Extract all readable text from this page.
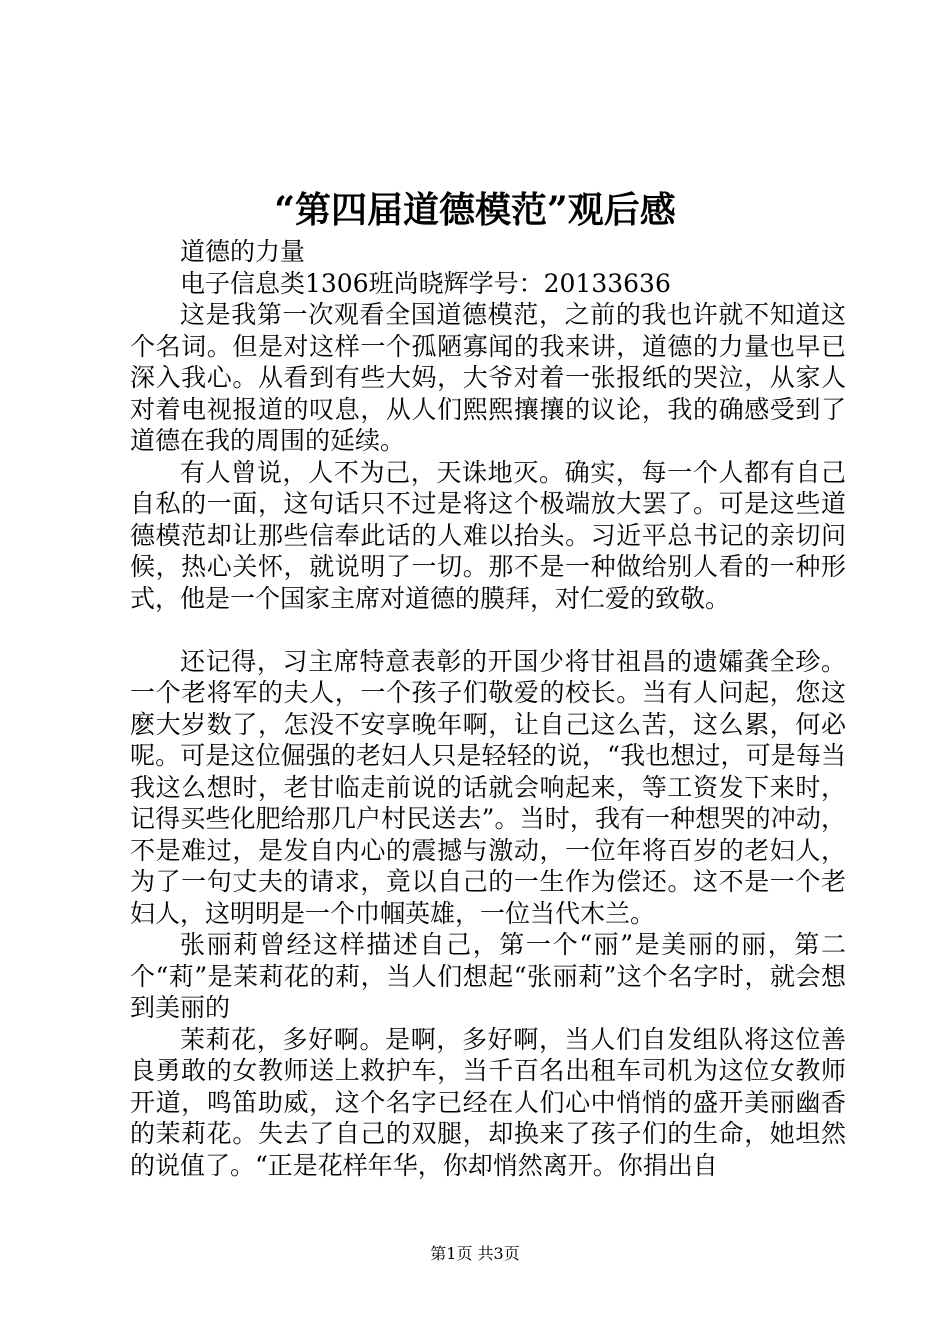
“第四届道德模范”观后感

道德的力量

电子信息类1306班尚晓辉学号：20133636

这是我第一次观看全国道德模范，之前的我也许就不知道这个名词。但是对这样一个孤陋寡闻的我来讲，道德的力量也早已深入我心。从看到有些大妈，大爷对着一张报纸的哭泣，从家人对着电视报道的叹息，从人们熙熙攘攘的议论，我的确感受到了道德在我的周围的延续。

有人曾说，人不为己，天诛地灭。确实，每一个人都有自己自私的一面，这句话只不过是将这个极端放大罢了。可是这些道德模范却让那些信奉此话的人难以抬头。习近平总书记的亲切问候，热心关怀，就说明了一切。那不是一种做给别人看的一种形式，他是一个国家主席对道德的膜拜，对仁爱的致敬。

还记得，习主席特意表彰的开国少将甘祖昌的遗孀龚全珍。一个老将军的夫人，一个孩子们敬爱的校长。当有人问起，您这麽大岁数了，怎没不安享晚年啊，让自己这么苦，这么累，何必呢。可是这位倔强的老妇人只是轻轻的说，“我也想过，可是每当我这么想时，老甘临走前说的话就会响起来，等工资发下来时，记得买些化肥给那几户村民送去”。当时，我有一种想哭的冲动，不是难过，是发自内心的震撼与激动，一位年将百岁的老妇人，为了一句丈夫的请求，竟以自己的一生作为偿还。这不是一个老妇人，这明明是一个巾帼英雄，一位当代木兰。

张丽莉曾经这样描述自己，第一个“丽”是美丽的丽，第二个“莉”是茉莉花的莉，当人们想起“张丽莉”这个名字时，就会想到美丽的

茉莉花，多好啊。是啊，多好啊，当人们自发组队将这位善良勇敢的女教师送上救护车，当千百名出租车司机为这位女教师开道，鸣笛助威，这个名字已经在人们心中悄悄的盛开美丽幽香的茉莉花。失去了自己的双腿，却换来了孩子们的生命，她坦然的说值了。“正是花样年华，你却悄然离开。你捐出自

第1页 共3页
